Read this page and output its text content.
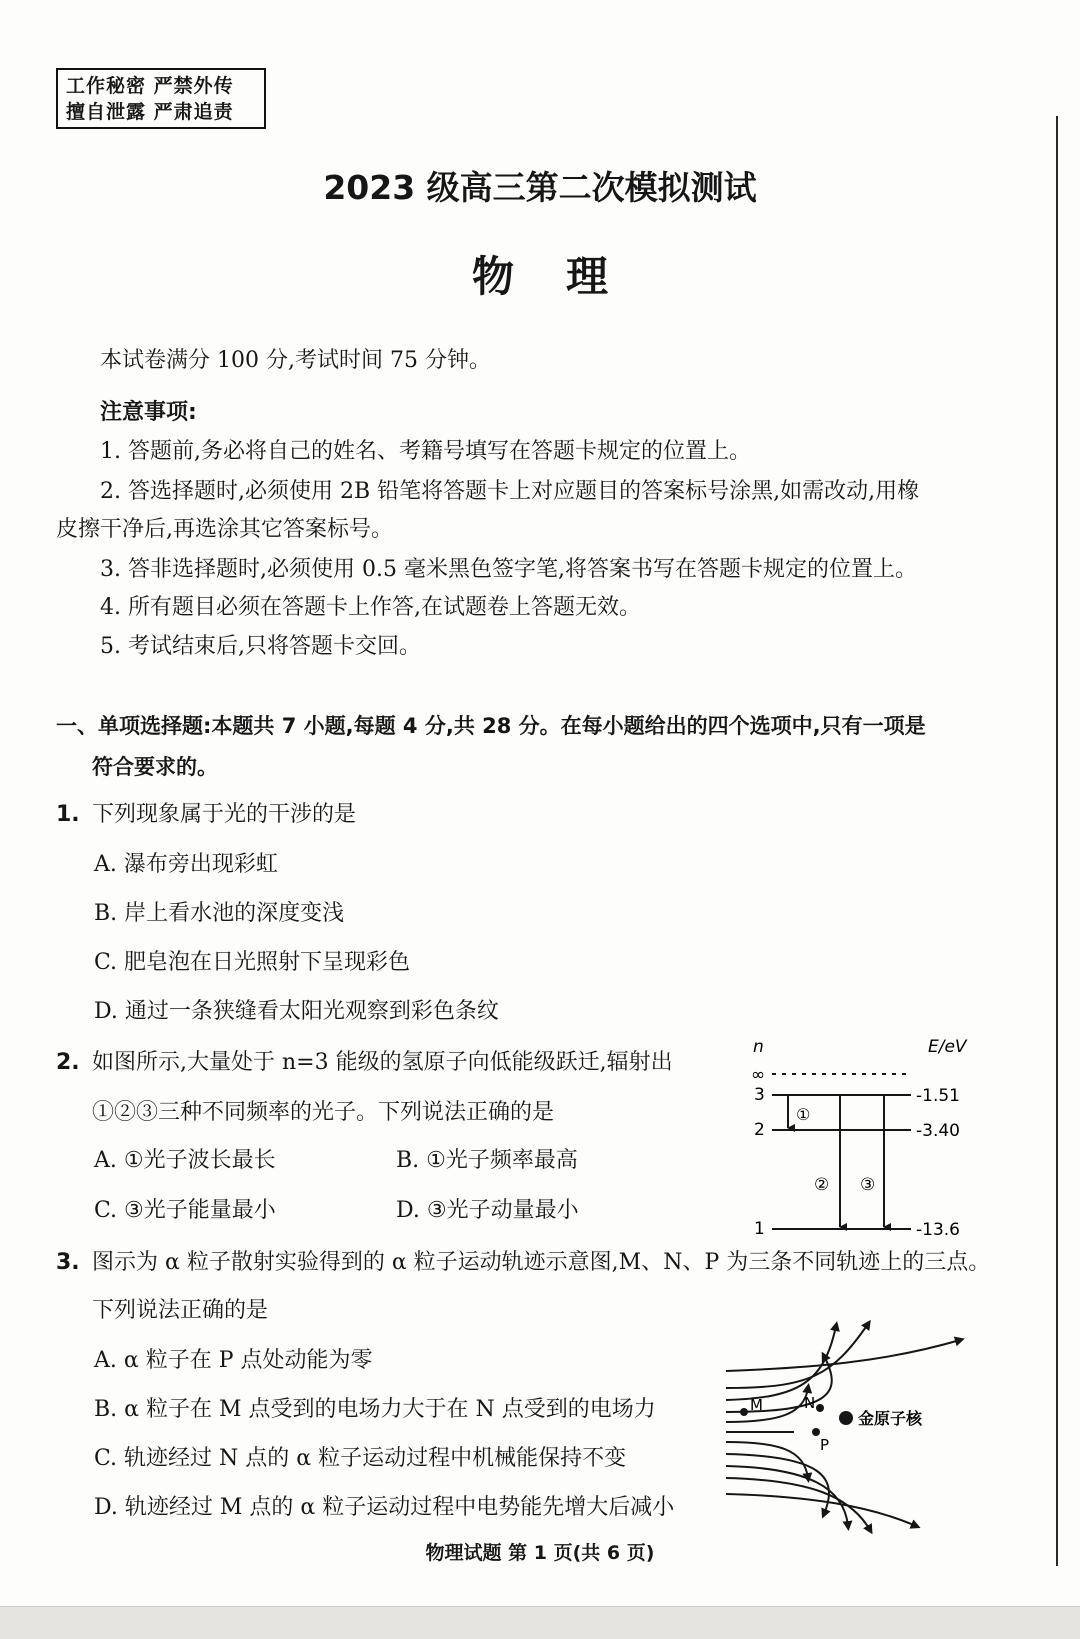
工作秘密 严禁外传
擅自泄露 严肃追责
2023 级高三第二次模拟测试
物理
本试卷满分 100 分,考试时间 75 分钟。
注意事项:
1. 答题前,务必将自己的姓名、考籍号填写在答题卡规定的位置上。
2. 答选择题时,必须使用 2B 铅笔将答题卡上对应题目的答案标号涂黑,如需改动,用橡
皮擦干净后,再选涂其它答案标号。
3. 答非选择题时,必须使用 0.5 毫米黑色签字笔,将答案书写在答题卡规定的位置上。
4. 所有题目必须在答题卡上作答,在试题卷上答题无效。
5. 考试结束后,只将答题卡交回。
一、单项选择题:本题共 7 小题,每题 4 分,共 28 分。在每小题给出的四个选项中,只有一项是
符合要求的。
1. 下列现象属于光的干涉的是
A. 瀑布旁出现彩虹
B. 岸上看水池的深度变浅
C. 肥皂泡在日光照射下呈现彩色
D. 通过一条狭缝看太阳光观察到彩色条纹
2. 如图所示,大量处于 n=3 能级的氢原子向低能级跃迁,辐射出
①②③三种不同频率的光子。下列说法正确的是
A. ①光子波长最长	B. ①光子频率最高
C. ③光子能量最小	D. ③光子动量最小
n	E/eV
∞
3	-1.51
2	-3.40
1	-13.6
①
② ③
3. 图示为 α 粒子散射实验得到的 α 粒子运动轨迹示意图,M、N、P 为三条不同轨迹上的三点。
下列说法正确的是
A. α 粒子在 P 点处动能为零
B. α 粒子在 M 点受到的电场力大于在 N 点受到的电场力
C. 轨迹经过 N 点的 α 粒子运动过程中机械能保持不变
D. 轨迹经过 M 点的 α 粒子运动过程中电势能先增大后减小
M	N
金原子核
P
物理试题 第 1 页(共 6 页)
